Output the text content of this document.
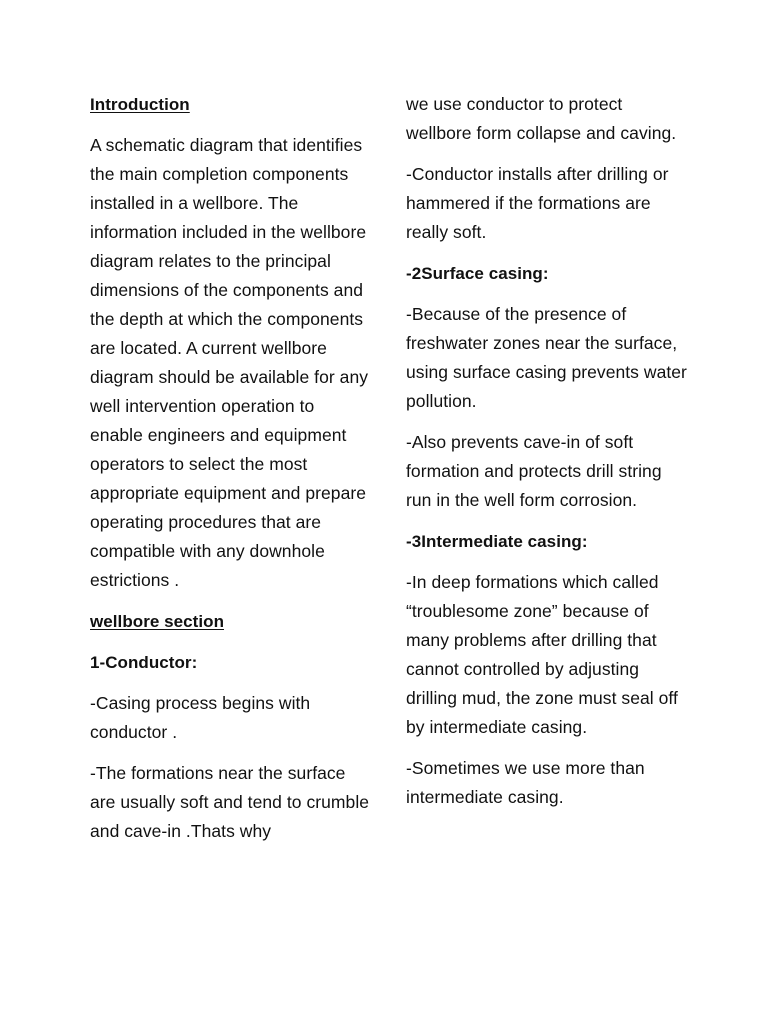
Introduction

A schematic diagram that identifies the main completion components installed in a wellbore. The information included in the wellbore diagram relates to the principal dimensions of the components and the depth at which the components are located. A current wellbore diagram should be available for any well intervention operation to enable engineers and equipment operators to select the most appropriate equipment and prepare operating procedures that are compatible with any downhole estrictions .

wellbore section

1-Conductor:

-Casing process begins with conductor .

-The formations near the surface are usually soft and tend to crumble and cave-in .Thats why

we use conductor to protect wellbore form collapse and caving.

-Conductor installs after drilling or hammered if the formations are really soft.

-2Surface casing:

-Because of the presence of freshwater zones near the surface, using surface casing prevents water pollution.

-Also prevents cave-in of soft formation and protects drill string run in the well form corrosion.

-3Intermediate casing:

-In deep formations which called “troublesome zone” because of many problems after drilling that cannot controlled by adjusting drilling mud, the zone must seal off by intermediate casing.

-Sometimes we use more than intermediate casing.
